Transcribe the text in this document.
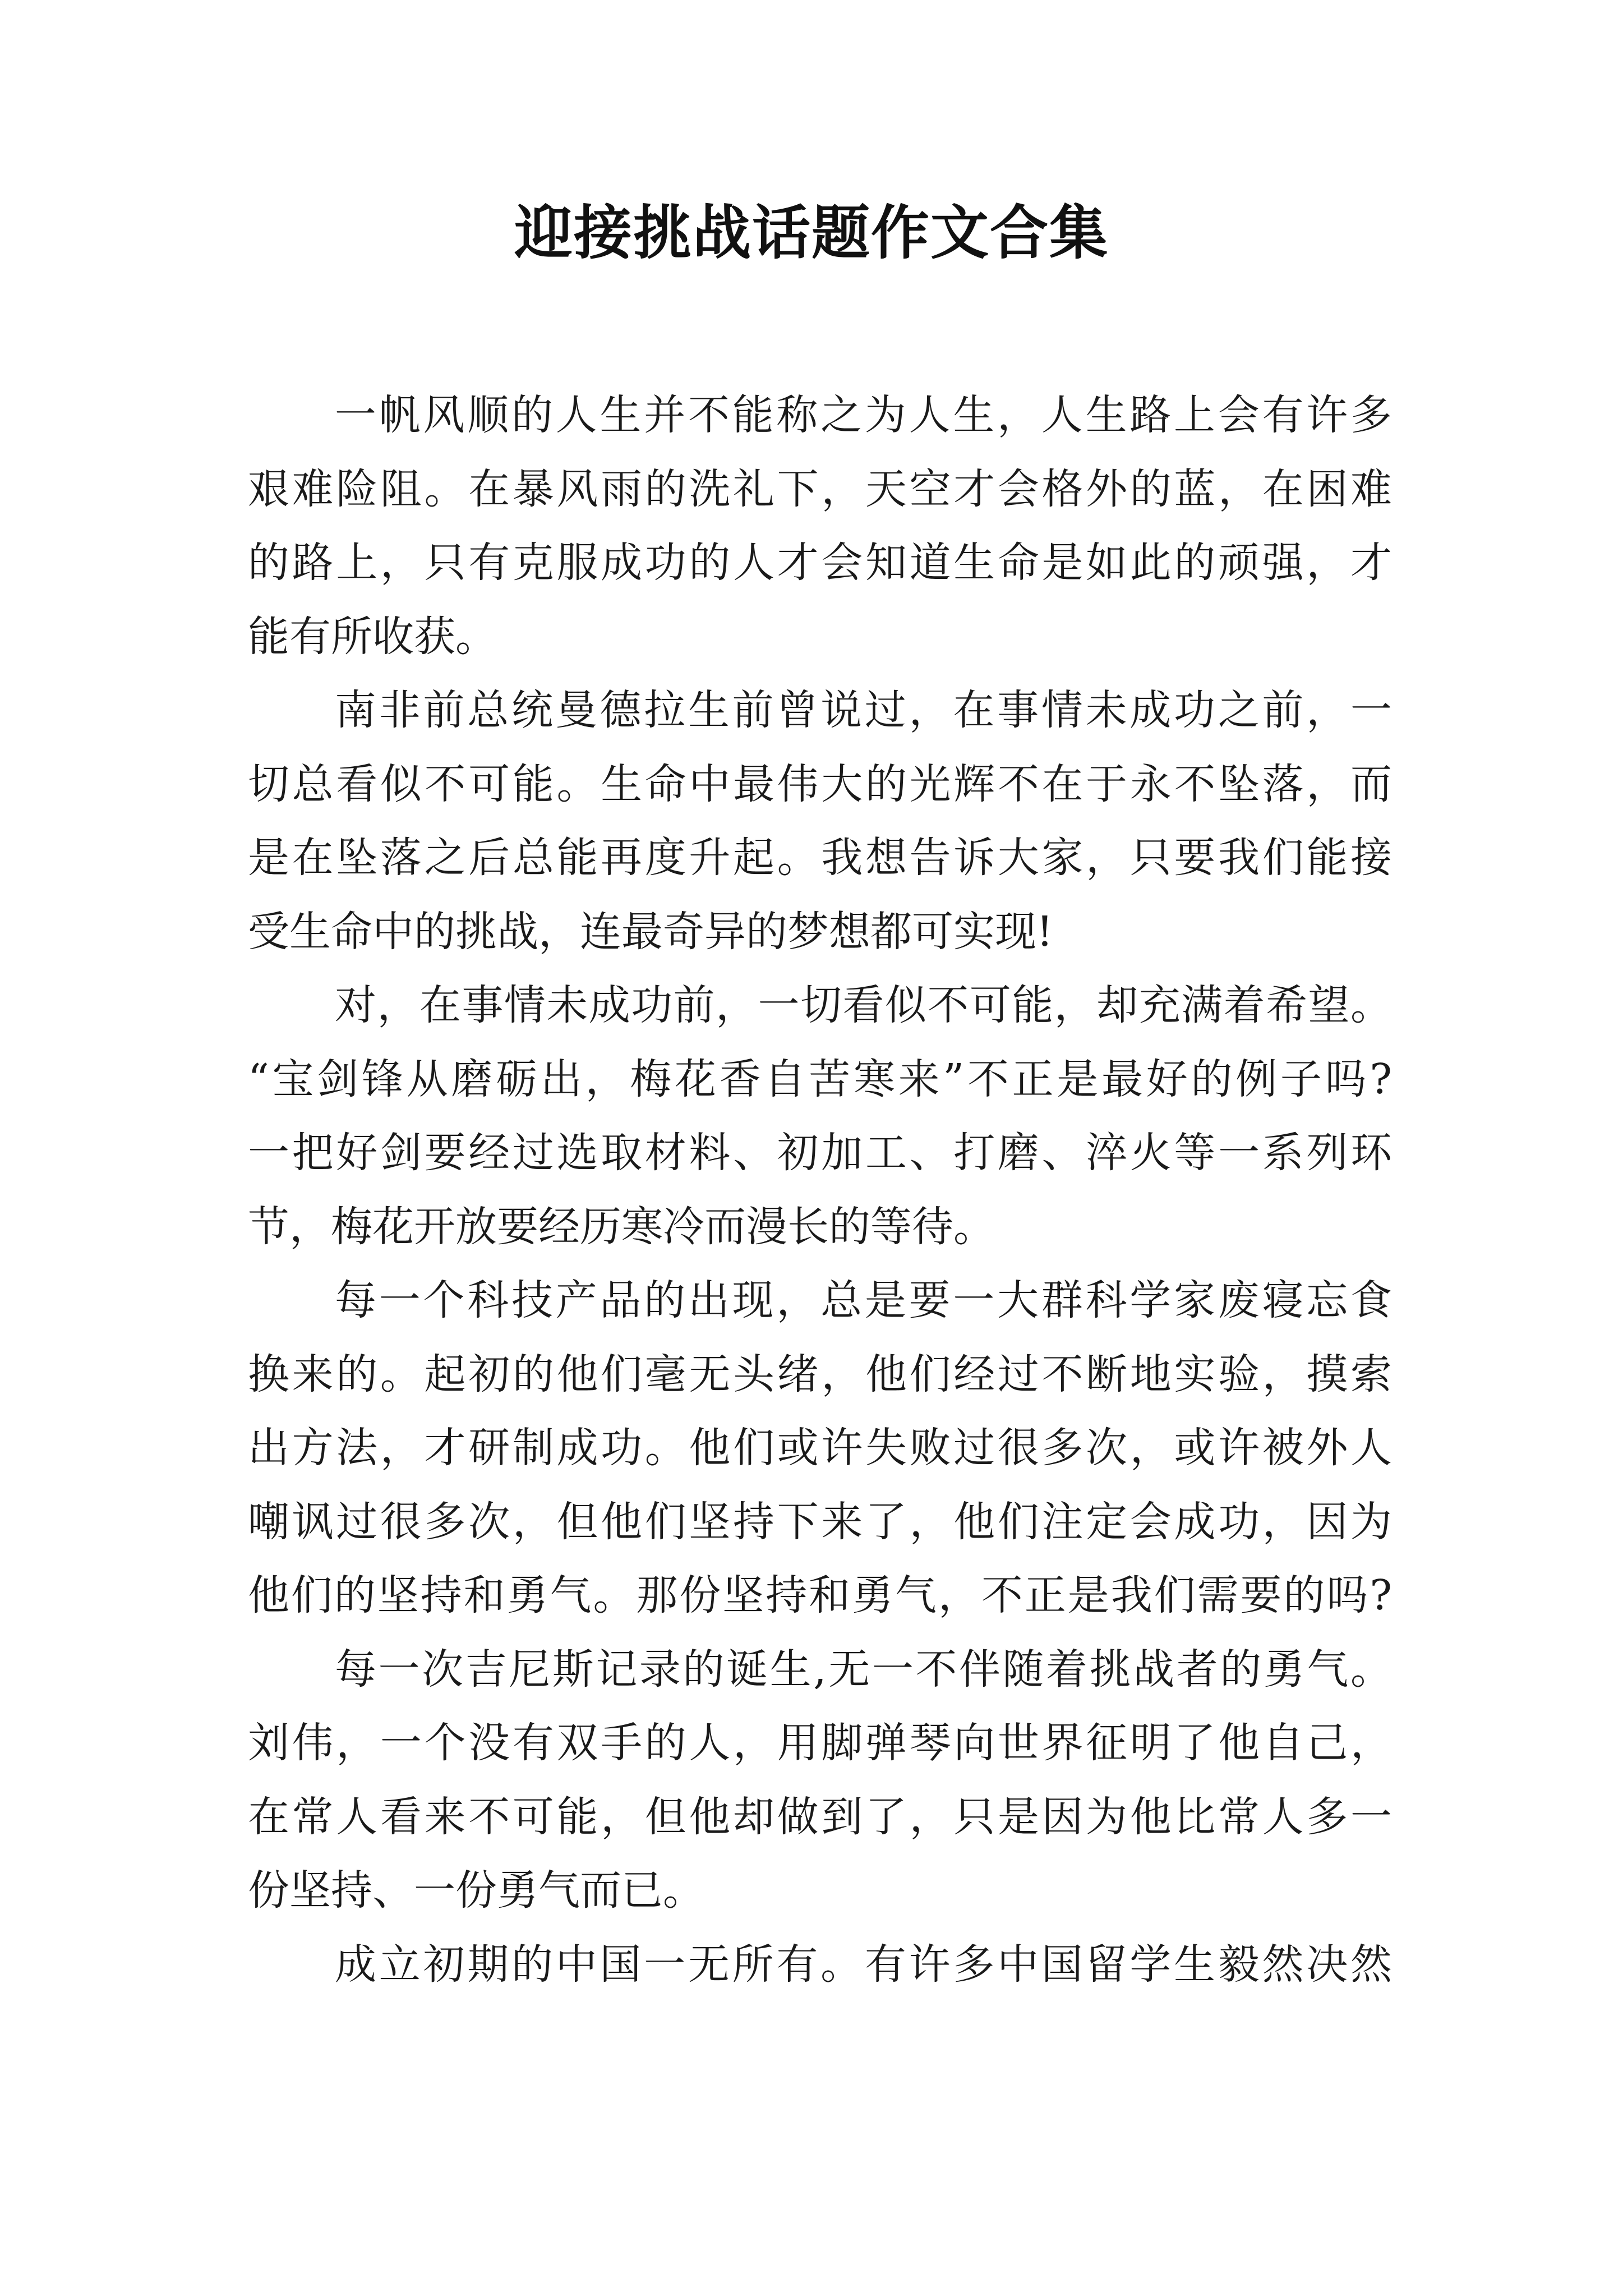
迎接挑战话题作文合集
一帆风顺的人生并不能称之为人生，人生路上会有许多
艰难险阻。在暴风雨的洗礼下，天空才会格外的蓝，在困难
的路上，只有克服成功的人才会知道生命是如此的顽强，才
能有所收获。
南非前总统曼德拉生前曾说过，在事情未成功之前，一
切总看似不可能。生命中最伟大的光辉不在于永不坠落，而
是在坠落之后总能再度升起。我想告诉大家，只要我们能接
受生命中的挑战，连最奇异的梦想都可实现!
对，在事情未成功前，一切看似不可能，却充满着希望。
“宝剑锋从磨砺出，梅花香自苦寒来”不正是最好的例子吗?
一把好剑要经过选取材料、初加工、打磨、淬火等一系列环
节，梅花开放要经历寒冷而漫长的等待。
每一个科技产品的出现，总是要一大群科学家废寝忘食
换来的。起初的他们毫无头绪，他们经过不断地实验，摸索
出方法，才研制成功。他们或许失败过很多次，或许被外人
嘲讽过很多次，但他们坚持下来了，他们注定会成功，因为
他们的坚持和勇气。那份坚持和勇气，不正是我们需要的吗?
每一次吉尼斯记录的诞生,无一不伴随着挑战者的勇气。
刘伟，一个没有双手的人，用脚弹琴向世界征明了他自己，
在常人看来不可能，但他却做到了，只是因为他比常人多一
份坚持、一份勇气而已。
成立初期的中国一无所有。有许多中国留学生毅然决然
